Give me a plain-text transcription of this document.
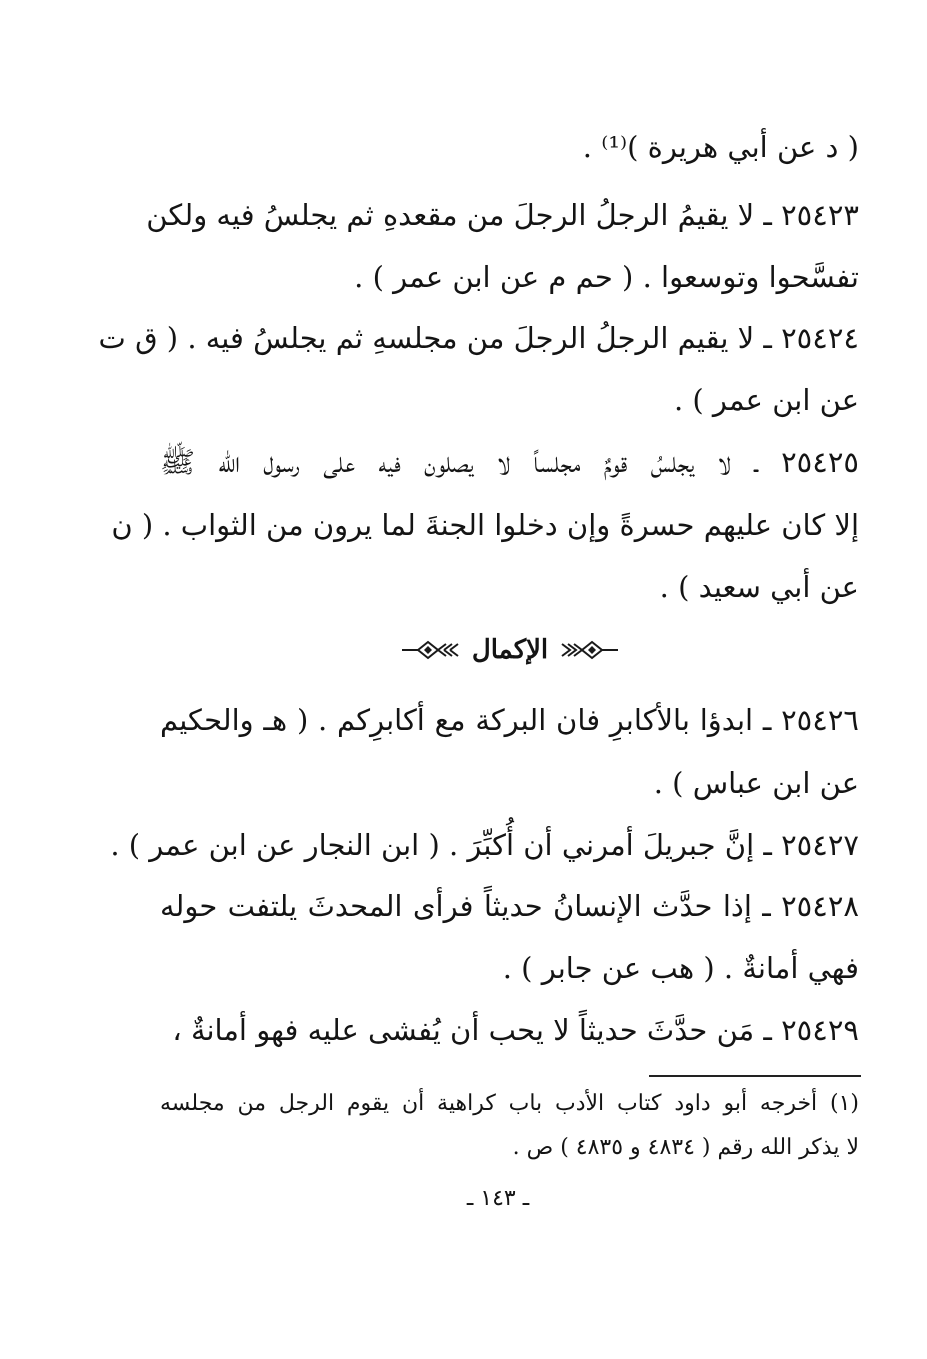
( د عن أبي هريرة )⁽¹⁾ .
٢٥٤٢٣ ـ لا يقيمُ الرجلُ الرجلَ من مقعدهِ ثم يجلسُ فيه ولكن
تفسَّحوا وتوسعوا . ( حم م عن ابن عمر ) .
٢٥٤٢٤ ـ لا يقيم الرجلُ الرجلَ من مجلسهِ ثم يجلسُ فيه . ( ق ت
عن ابن عمر ) .
٢٥٤٢٥ ـ لا يجلسُ قومٌ مجلساً لا يصلون فيه على رسول الله ﷺ
إلا كان عليهم حسرةً وإن دخلوا الجنةَ لما يرون من الثواب . ( ن
عن أبي سعيد ) .
الإكمال
٢٥٤٢٦ ـ ابدؤا بالأكابرِ فان البركة مع أكابرِكم . ( هـ والحكيم
عن ابن عباس ) .
٢٥٤٢٧ ـ إنَّ جبريلَ أمرني أن أُكبِّرَ . ( ابن النجار عن ابن عمر ) .
٢٥٤٢٨ ـ إذا حدَّث الإنسانُ حديثاً فرأى المحدثَ يلتفت حوله
فهي أمانةٌ . ( هب عن جابر ) .
٢٥٤٢٩ ـ مَن حدَّثَ حديثاً لا يحب أن يُفشى عليه فهو أمانةٌ ،
(١) أخرجه أبو داود كتاب الأدب باب كراهية أن يقوم الرجل من مجلسه
لا يذكر الله رقم ( ٤٨٣٤ و ٤٨٣٥ ) ص .
ـ ١٤٣ ـ
